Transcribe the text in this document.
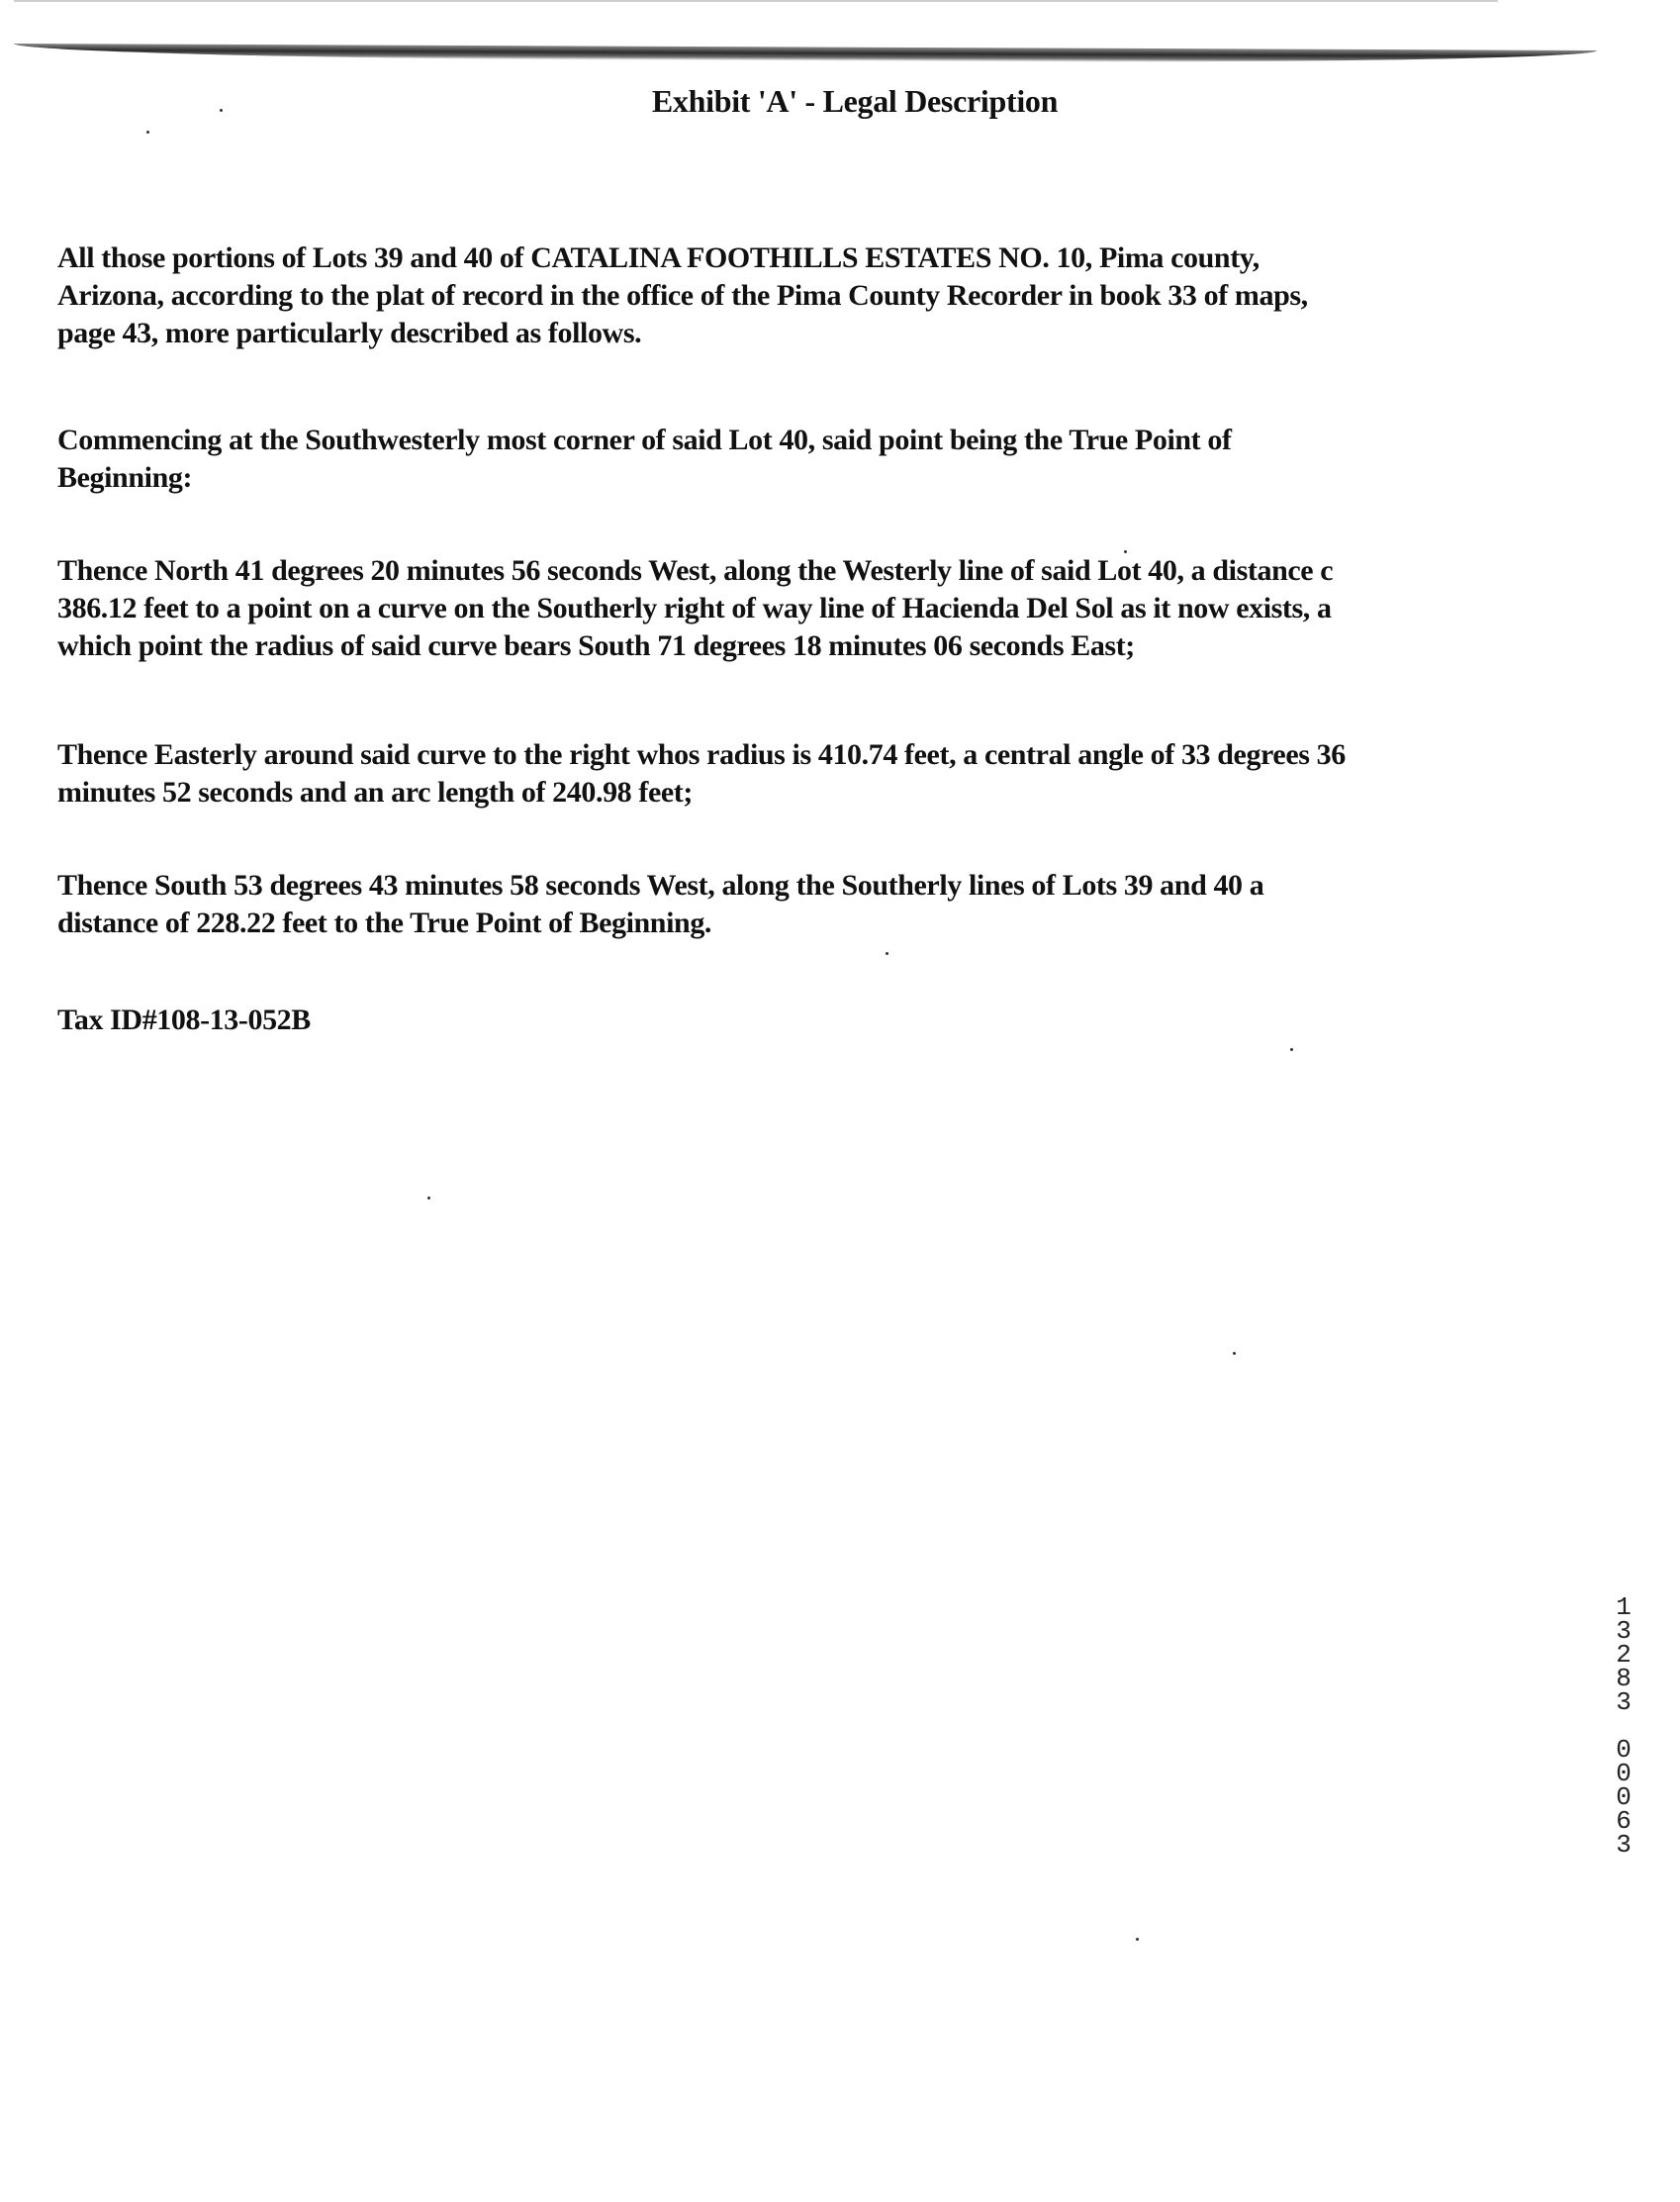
Exhibit 'A' - Legal Description
All those portions of Lots 39 and 40 of CATALINA FOOTHILLS ESTATES NO. 10, Pima county,
Arizona, according to the plat of record in the office of the Pima County Recorder in book 33 of maps,
page 43, more particularly described as follows.
Commencing at the Southwesterly most corner of said Lot 40, said point being the True Point of
Beginning:
Thence North 41 degrees 20 minutes 56 seconds West, along the Westerly line of said Lot 40, a distance c
386.12 feet to a point on a curve on the Southerly right of way line of Hacienda Del Sol as it now exists, a
which point the radius of said curve bears South 71 degrees 18 minutes 06 seconds East;
Thence Easterly around said curve to the right whos radius is 410.74 feet, a central angle of 33 degrees 36
minutes 52 seconds and an arc length of 240.98 feet;
Thence South 53 degrees 43 minutes 58 seconds West, along the Southerly lines of Lots 39 and 40 a
distance of 228.22 feet to the True Point of Beginning.
Tax ID#108-13-052B
13283
00063
